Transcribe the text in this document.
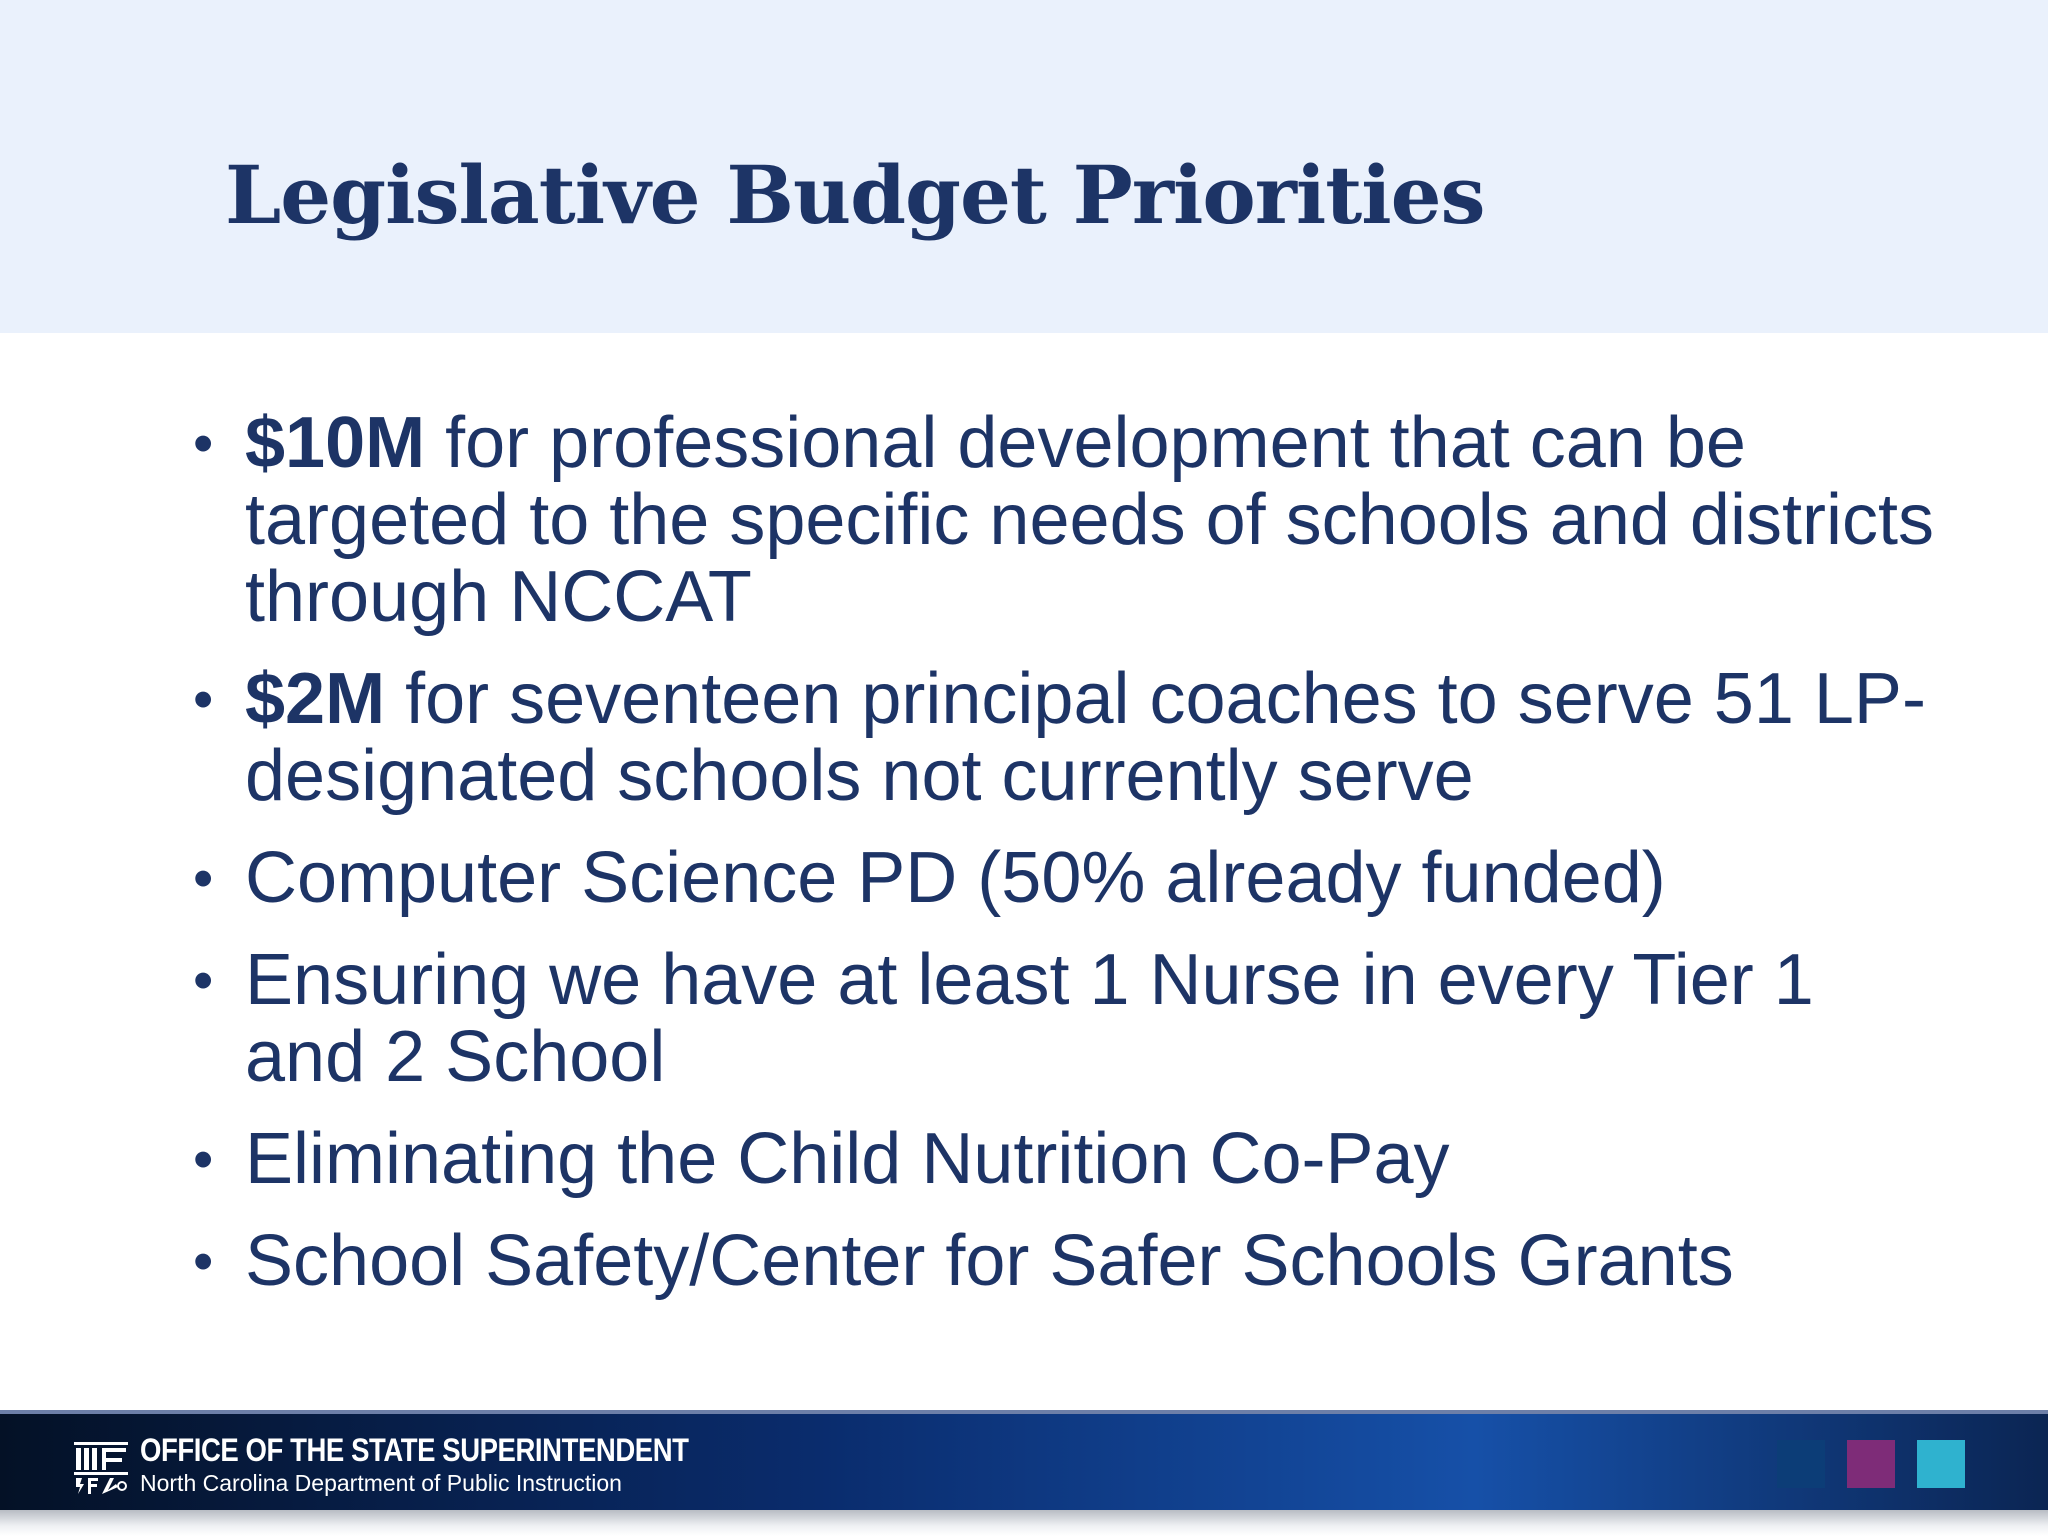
Legislative Budget Priorities
• $10M for professional development that can be targeted to the specific needs of schools and districts through NCCAT
• $2M for seventeen principal coaches to serve 51 LP-designated schools not currently serve
• Computer Science PD (50% already funded)
• Ensuring we have at least 1 Nurse in every Tier 1 and 2 School
• Eliminating the Child Nutrition Co-Pay
• School Safety/Center for Safer Schools Grants
OFFICE OF THE STATE SUPERINTENDENT
North Carolina Department of Public Instruction
